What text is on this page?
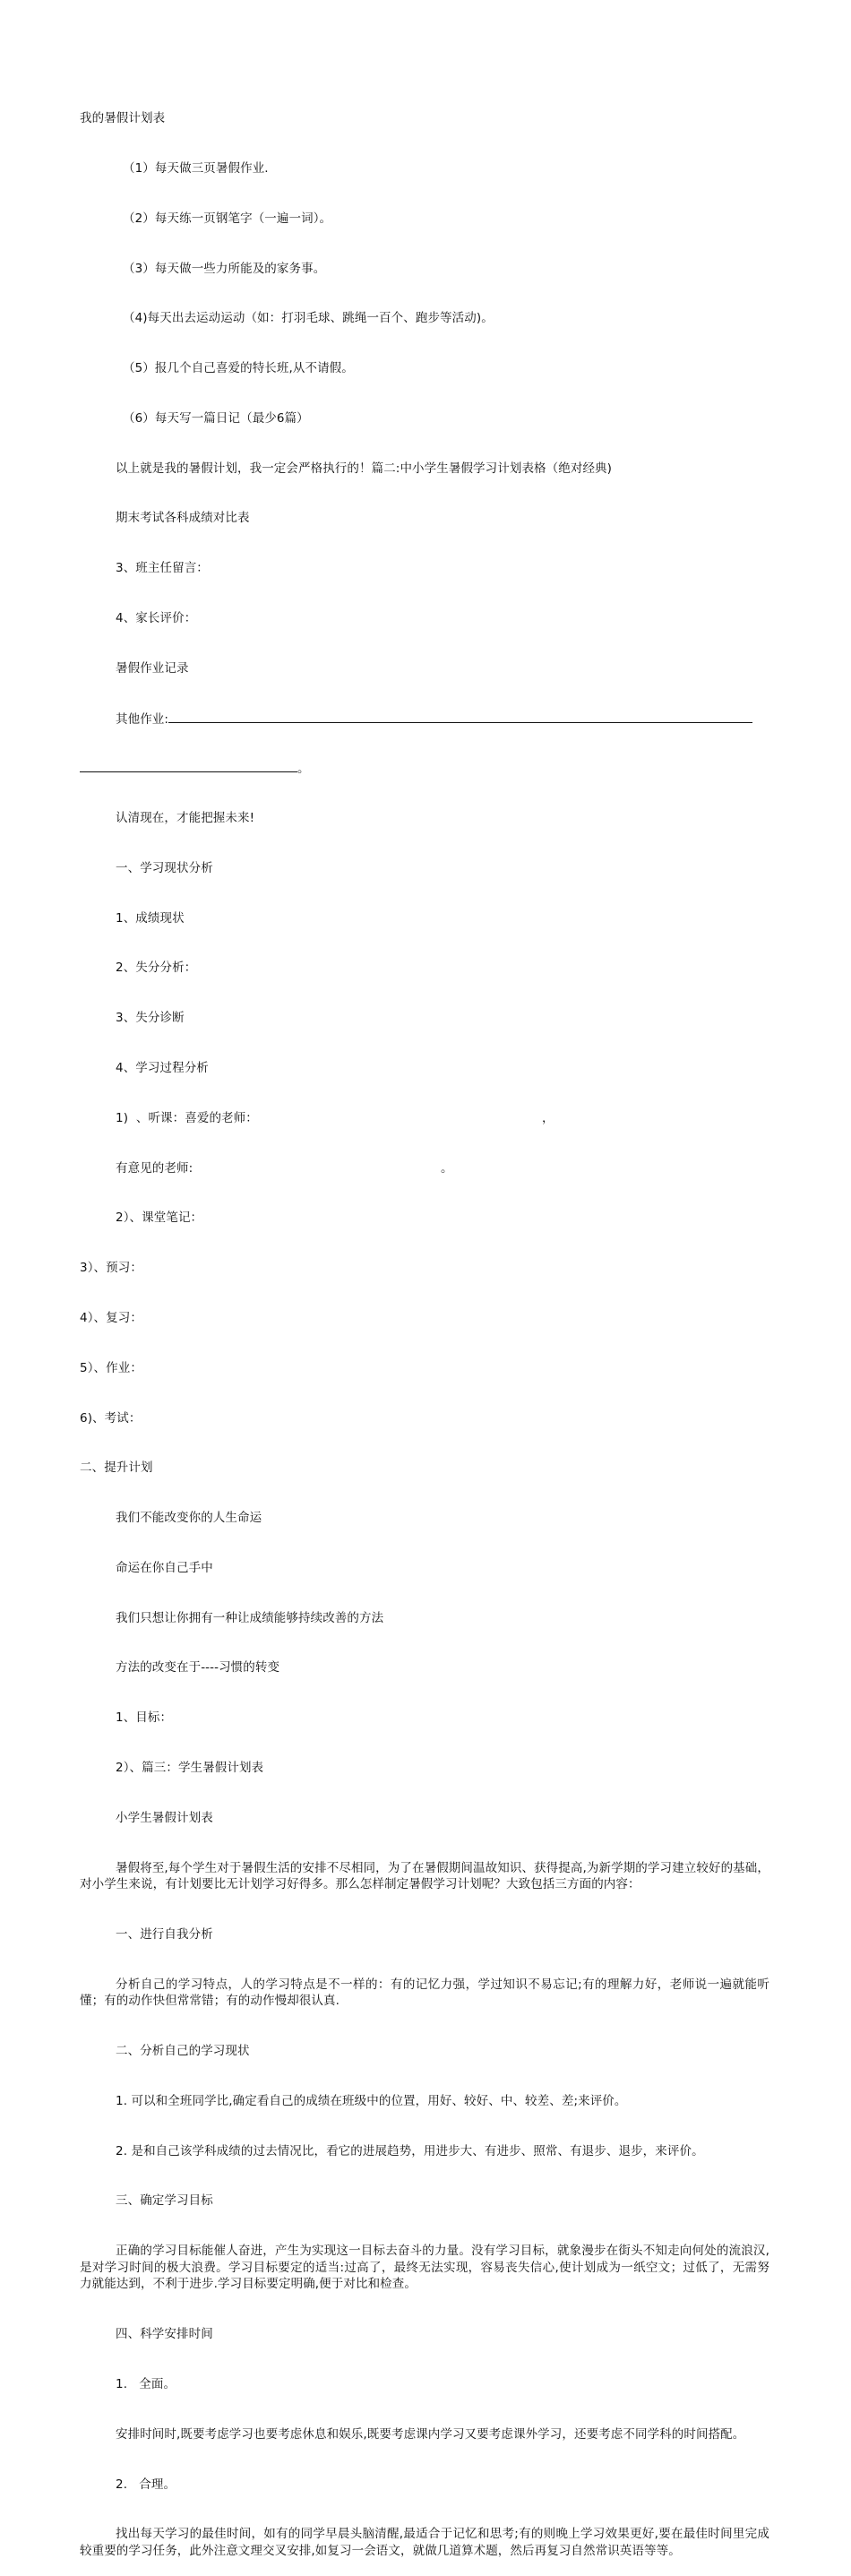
我的暑假计划表

（1）每天做三页暑假作业.

（2）每天练一页钢笔字（一遍一词）。

（3）每天做一些力所能及的家务事。

（4)每天出去运动运动（如：打羽毛球、跳绳一百个、跑步等活动)。

（5）报几个自己喜爱的特长班,从不请假。

（6）每天写一篇日记（最少6篇）

以上就是我的暑假计划，我一定会严格执行的！篇二:中小学生暑假学习计划表格（绝对经典)

期末考试各科成绩对比表

3、班主任留言：

4、家长评价：

暑假作业记录

其他作业:

。

认清现在，才能把握未来!

一、学习现状分析

1、成绩现状

2、失分分析：

3、失分诊断

4、学习过程分析

1)  、听课：喜爱的老师：	，

有意见的老师:	。

2）、课堂笔记：

3）、预习：

4）、复习：

5）、作业：

6)、考试：

二、提升计划

我们不能改变你的人生命运

命运在你自己手中

我们只想让你拥有一种让成绩能够持续改善的方法

方法的改变在于----习惯的转变

1、目标：

2）、篇三：学生暑假计划表

小学生暑假计划表

暑假将至,每个学生对于暑假生活的安排不尽相同，为了在暑假期间温故知识、获得提高,为新学期的学习建立较好的基础，对小学生来说，有计划要比无计划学习好得多。那么怎样制定暑假学习计划呢？大致包括三方面的内容：

一、进行自我分析

分析自己的学习特点，人的学习特点是不一样的：有的记忆力强，学过知识不易忘记;有的理解力好，老师说一遍就能听懂；有的动作快但常常错；有的动作慢却很认真.

二、分析自己的学习现状

1. 可以和全班同学比,确定看自己的成绩在班级中的位置，用好、较好、中、较差、差;来评价。

2. 是和自己该学科成绩的过去情况比，看它的进展趋势，用进步大、有进步、照常、有退步、退步，来评价。

三、确定学习目标

正确的学习目标能催人奋进，产生为实现这一目标去奋斗的力量。没有学习目标，就象漫步在街头不知走向何处的流浪汉,是对学习时间的极大浪费。学习目标要定的适当:过高了，最终无法实现，容易丧失信心,使计划成为一纸空文；过低了，无需努力就能达到，不利于进步.学习目标要定明确,便于对比和检查。

四、科学安排时间

1.   全面。

安排时间时,既要考虑学习也要考虑休息和娱乐,既要考虑课内学习又要考虑课外学习，还要考虑不同学科的时间搭配。

2.   合理。

找出每天学习的最佳时间，如有的同学早晨头脑清醒,最适合于记忆和思考;有的则晚上学习效果更好,要在最佳时间里完成较重要的学习任务，此外注意文理交叉安排,如复习一会语文，就做几道算术题，然后再复习自然常识英语等等。
